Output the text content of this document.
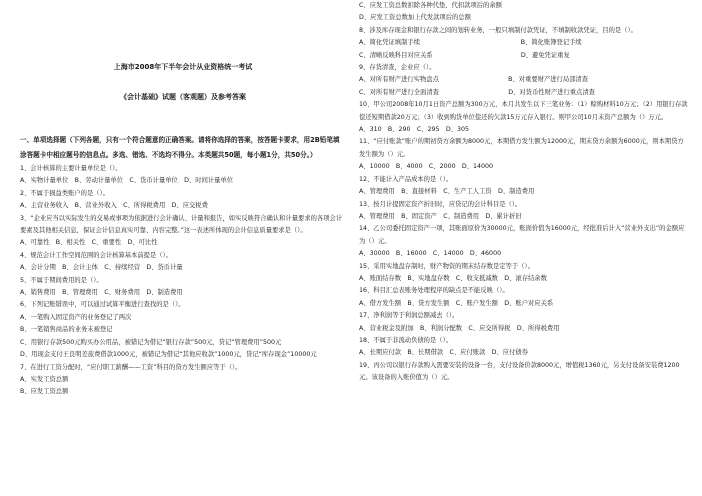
上海市2008年下半年会计从业资格统一考试
《会计基础》试题（客观题）及参考答案
一、单项选择题（下列各题，只有一个符合题意的正确答案。请将你选择的答案，按答题卡要求，用2B铅笔填涂答题卡中相应题号的信息点。多选、错选、不选均不得分。本类题共50题，每小题1分，共50分。）
1、会计核算的主要计量单位是（）。
A、实物计量单位　B、劳动计量单位　C、货币计量单位　D、时间计量单位
2、不属于损益类账户的是（）。
A、主营业务收入　B、营业外收入　C、所得税费用　D、应交税费
3、“企业应当以实际发生的交易或事项为依据进行会计确认、计量和报告，如实反映符合确认和计量要求的各项会计要素及其他相关信息，保证会计信息真实可靠、内容完整。”这一表述所体现的会计信息质量要求是（）。
A、可靠性　B、相关性　C、重要性　D、可比性
4、规范会计工作空间范围的会计核算基本前提是（）。
A、会计分期　B、会计主体　C、持续经营　D、货币计量
5、不属于期间费用的是（）。
A、销售费用　B、管理费用　C、财务费用　D、制造费用
6、下列记账错误中，可以通过试算平衡进行查找的是（）。
A、一笔购入固定资产的业务登记了两次
B、一笔销售商品的业务未被登记
C、用银行存款500元购买办公用品，被错记为借记“银行存款”500元，贷记“管理费用”500元
D、用现金支付王良明差旅费借款1000元，被错记为借记“其他应收款”1000元，贷记“库存现金”10000元
7、在进行工资分配时，“应付职工薪酬——工资”科目的贷方发生额应等于（）。
A、实发工资总额
B、应发工资总额
C、应发工资总数扣除各种代垫、代扣款项后的余额
D、应发工资总数加上代发款项后的总额
8、涉及库存现金和银行存款之间的划转业务，一般只填制付款凭证，不填制收款凭证，目的是（）。
A、简化凭证填制手续　　　　　　　　　　　　　　　　B、简化账簿登记手续
C、清晰反映科目对应关系　　　　　　　　　　　　　　D、避免凭证重复
9、存货清查，企业应（）。
A、对所有财产进行实物盘点　　　　　　　　　　　B、对重要财产进行局部清查
C、对所有财产进行全面清查　　　　　　　　　　　D、对货币性财产进行重点清查
10、甲公司2008年10月1日资产总额为300万元，本月共发生以下三笔业务：（1）赊购材料10万元；（2）用银行存款偿还短期借款20万元；（3）收到购货单位偿还的欠款15万元存入银行。则甲公司10月末资产总额为（）万元。
A、310　B、290　C、295　D、305
11、“应付账款”账户的期初贷方余额为8000元，本期借方发生额为12000元，期末贷方余额为6000元，则本期贷方发生额为（）元。
A、10000　B、4000　C、2000　D、14000
12、不能计入产品成本的是（）。
A、管理费用　B、直接材料　C、生产工人工资　D、制造费用
13、按月计提固定资产折旧时，应贷记的会计科目是（）。
A、管理费用　B、固定资产　C、制造费用　D、累计折旧
14、乙公司委托固定资产一项，其账面原价为30000元，账面价值为16000元，经批准后计入“营业外支出”的金额应为（）元。
A、30000　B、16000　C、14000　D、46000
15、采用实地盘存制时，财产物资的期末结存数是定等于（）。
A、账面结存数　B、实地盘存数　C、收支抵减数　D、滚存结余数
16、科目汇总表账务处理程序的缺点是不能反映（）。
A、借方发生额　B、贷方发生额　C、账户发生额　D、账户对应关系
17、净利润等于利润总额减去（）。
A、营业税金及附加　B、利润分配数　C、应交所得税　D、所得税费用
18、不属于非流动负债的是（）。
A、长期应付款　B、长期借款　C、应付账款　D、应付债券
19、丙公司以银行存款购入需要安装的设备一台，支付设备价款8000元，增值税1360元，另支付设备安装费1200元。该设备的入账价值为（）元。
